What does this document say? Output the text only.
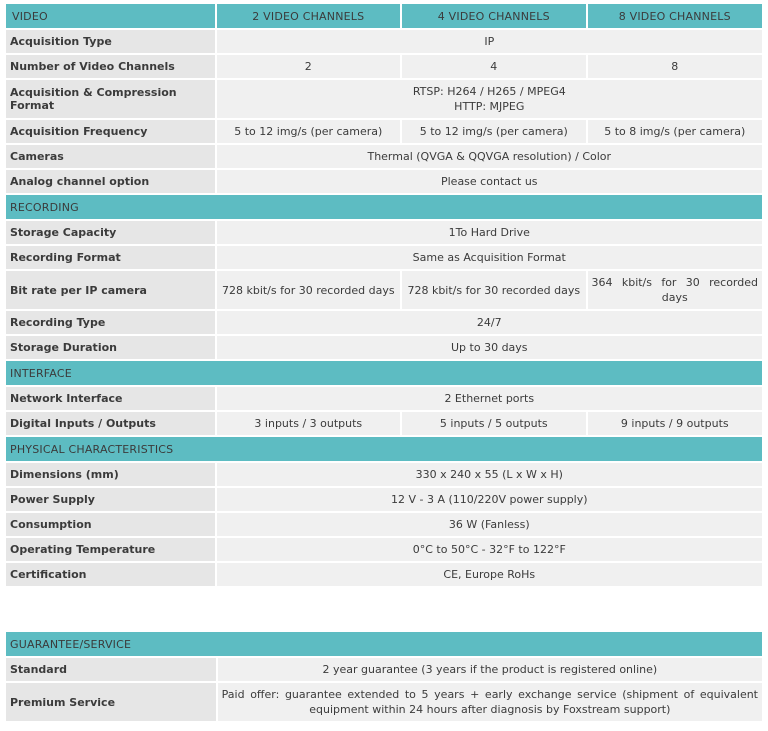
VIDEO	2 VIDEO CHANNELS	4 VIDEO CHANNELS	8 VIDEO CHANNELS
Acquisition Type	IP		
Number of Video Channels	2	4	8
Acquisition & Compression Format	RTSP: H264 / H265 / MPEG4
HTTP: MJPEG		

Acquisition Frequency	5 to 12 img/s (per camera)	5 to 12 img/s (per camera)	5 to 8 img/s (per camera)
Cameras	Thermal (QVGA & QQVGA resolution) / Color		
Analog channel option	Please contact us		
RECORDING			
Storage Capacity	1To Hard Drive		
Recording Format	Same as Acquisition Format		
Bit rate per IP camera	728 kbit/s for 30 recorded days	728 kbit/s for 30 recorded days	364 kbit/s for 30 recorded days
Recording Type	24/7		
Storage Duration	Up to 30 days		
INTERFACE			
Network Interface	2 Ethernet ports		
Digital Inputs / Outputs	3 inputs / 3 outputs	5 inputs / 5 outputs	9 inputs / 9 outputs
PHYSICAL CHARACTERISTICS			
Dimensions (mm)	330 x 240 x 55 (L x W x H)		
Power Supply	12 V - 3 A (110/220V power supply)		
Consumption	36 W (Fanless)		
Operating Temperature	0°C to 50°C - 32°F to 122°F		
Certification	CE, Europe RoHs		
GUARANTEE/SERVICE	
Standard	2 year guarantee (3 years if the product is registered online)
Premium Service	Paid offer: guarantee extended to 5 years + early exchange service (shipment of equivalent equipment within 24 hours after diagnosis by Foxstream support)
